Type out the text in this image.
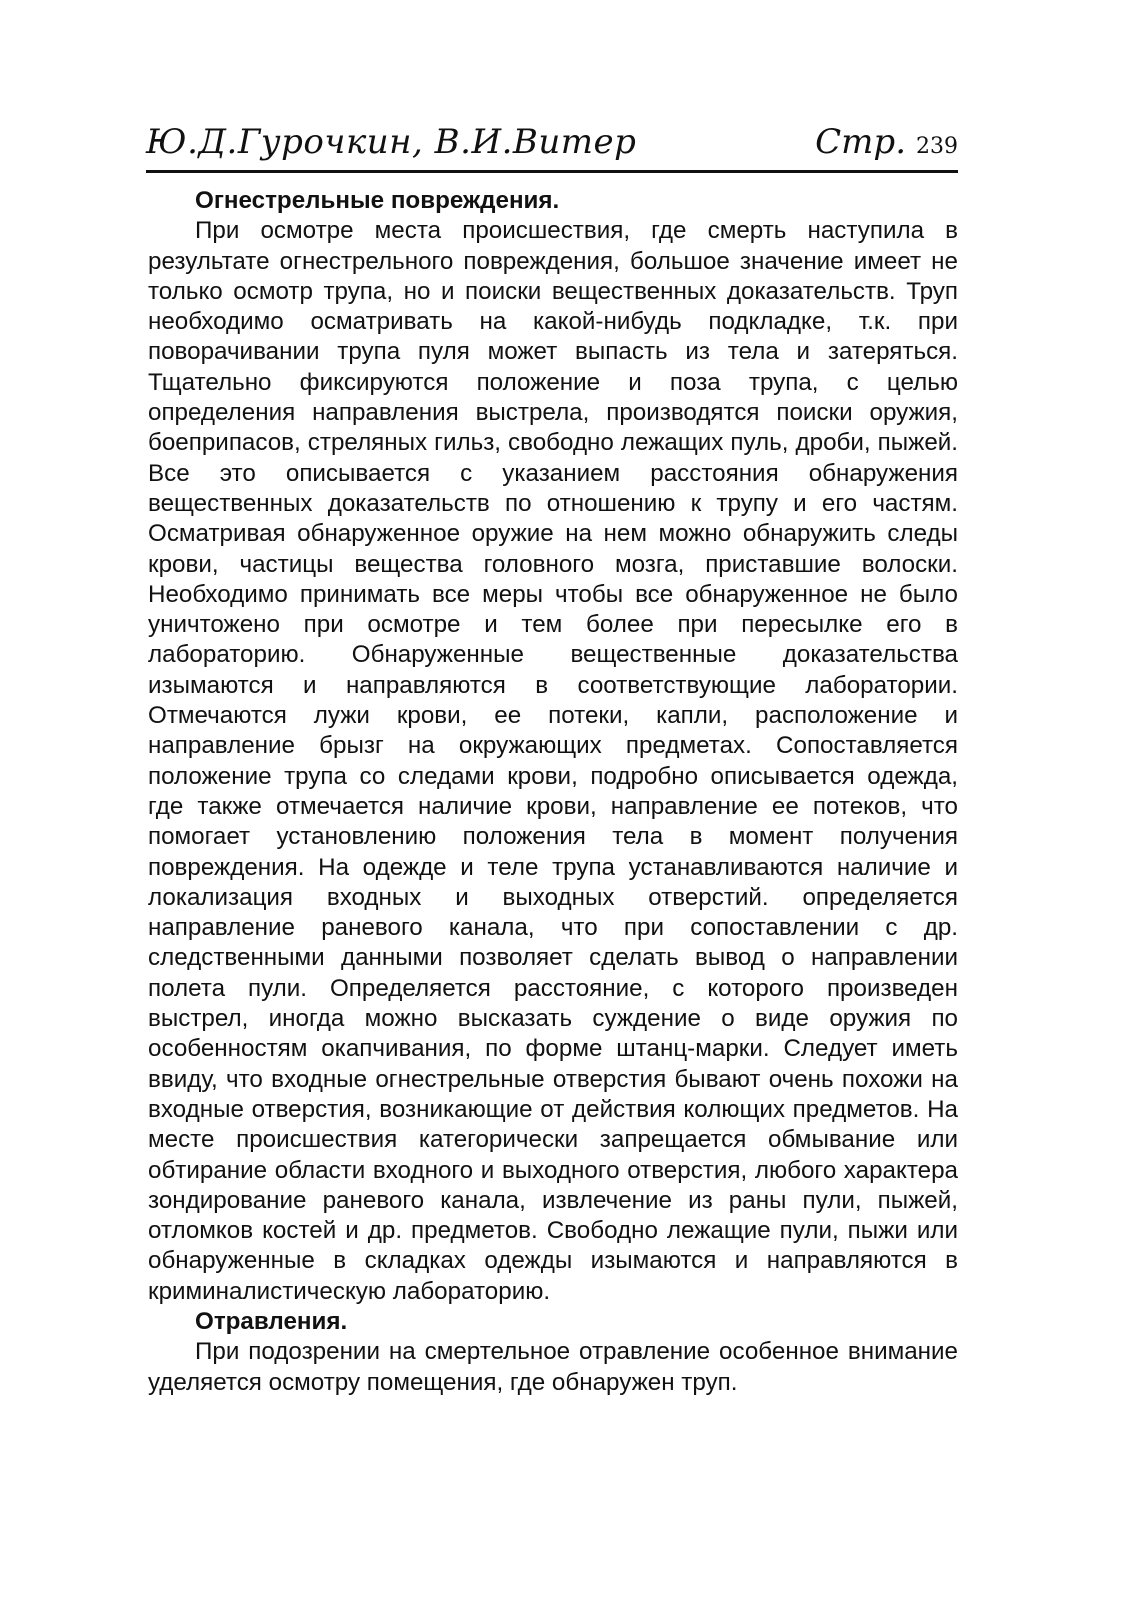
Ю.Д.Гурочкин, В.И.Витер	Стр. 239

Огнестрельные повреждения.

При осмотре места происшествия, где смерть наступила в результате огнестрельного повреждения, большое значение имеет не только осмотр трупа, но и поиски вещественных доказательств. Труп необходимо осматривать на какой-нибудь подкладке, т.к. при поворачивании трупа пуля может выпасть из тела и затеряться. Тщательно фиксируются положение и поза трупа, с целью определения направления выстрела, производятся поиски оружия, боеприпасов, стреляных гильз, свободно лежащих пуль, дроби, пыжей. Все это описывается с указанием расстояния обнаружения вещественных доказательств по отношению к трупу и его частям. Осматривая обнаруженное оружие на нем можно обнаружить следы крови, частицы вещества головного мозга, приставшие волоски. Необходимо принимать все меры чтобы все обнаруженное не было уничтожено при осмотре и тем более при пересылке его в лабораторию. Обнаруженные вещественные доказательства изымаются и направляются в соответствующие лаборатории. Отмечаются лужи крови, ее потеки, капли, расположение и направление брызг на окружающих предметах. Сопоставляется положение трупа со следами крови, подробно описывается одежда, где также отмечается наличие крови, направление ее потеков, что помогает установлению положения тела в момент получения повреждения. На одежде и теле трупа устанавливаются наличие и локализация входных и выходных отверстий. определяется направление раневого канала, что при сопоставлении с др. следственными данными позволяет сделать вывод о направлении полета пули. Определяется расстояние, с которого произведен выстрел, иногда можно высказать суждение о виде оружия по особенностям окапчивания, по форме штанц-марки. Следует иметь ввиду, что входные огнестрельные отверстия бывают очень похожи на входные отверстия, возникающие от действия колющих предметов. На месте происшествия категорически запрещается обмывание или обтирание области входного и выходного отверстия, любого характера зондирование раневого канала, извлечение из раны пули, пыжей, отломков костей и др. предметов. Свободно лежащие пули, пыжи или обнаруженные в складках одежды изымаются и направляются в криминалистическую лабораторию.

Отравления.

При подозрении на смертельное отравление особенное внимание уделяется осмотру помещения, где обнаружен труп.
